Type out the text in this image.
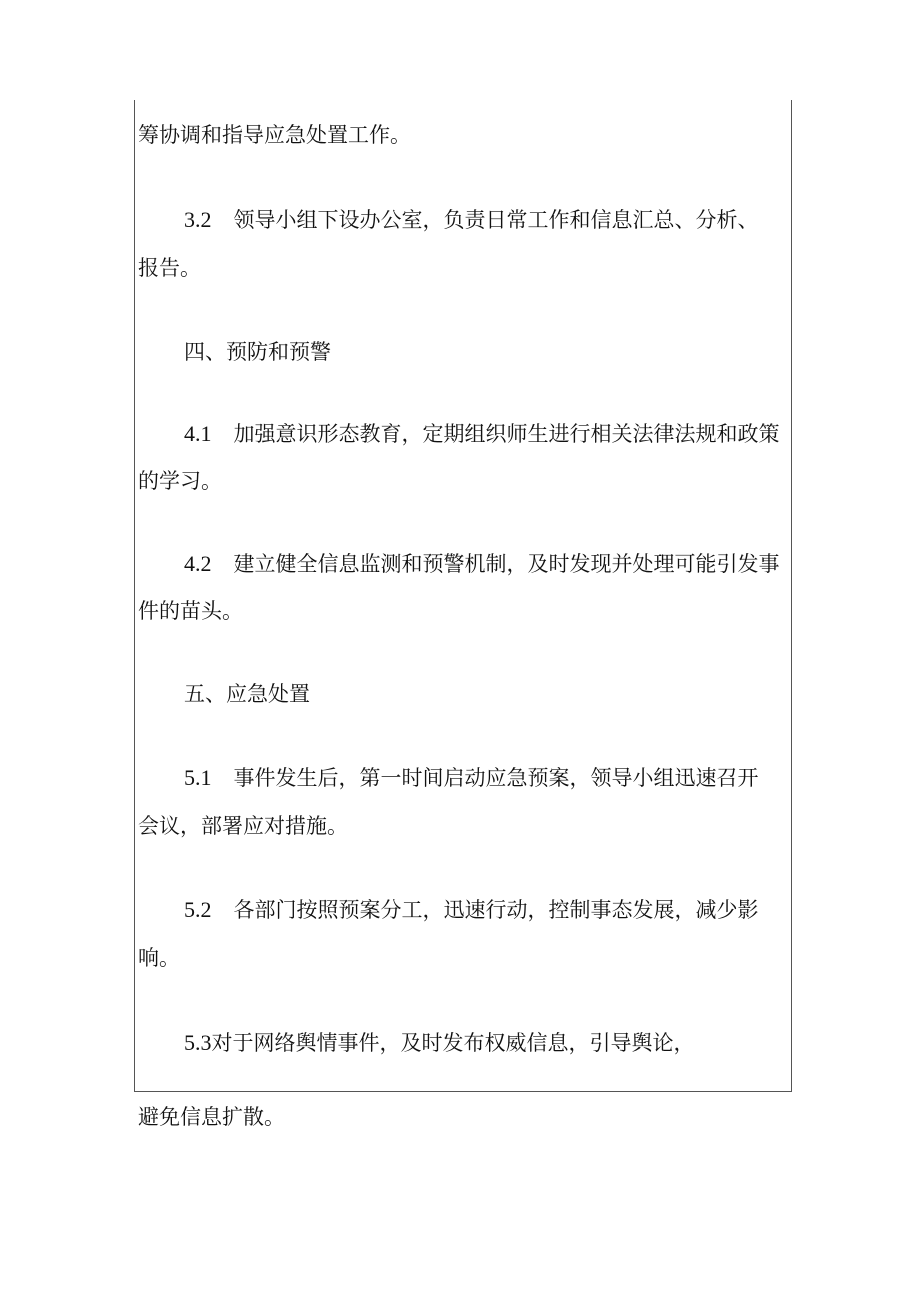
筹协调和指导应急处置工作。

3.2 领导小组下设办公室，负责日常工作和信息汇总、分析、

报告。

四、预防和预警

4.1 加强意识形态教育，定期组织师生进行相关法律法规和政策

的学习。

4.2 建立健全信息监测和预警机制，及时发现并处理可能引发事

件的苗头。

五、应急处置

5.1 事件发生后，第一时间启动应急预案，领导小组迅速召开

会议，部署应对措施。

5.2 各部门按照预案分工，迅速行动，控制事态发展，减少影

响。

5.3对于网络舆情事件，及时发布权威信息，引导舆论，

避免信息扩散。
